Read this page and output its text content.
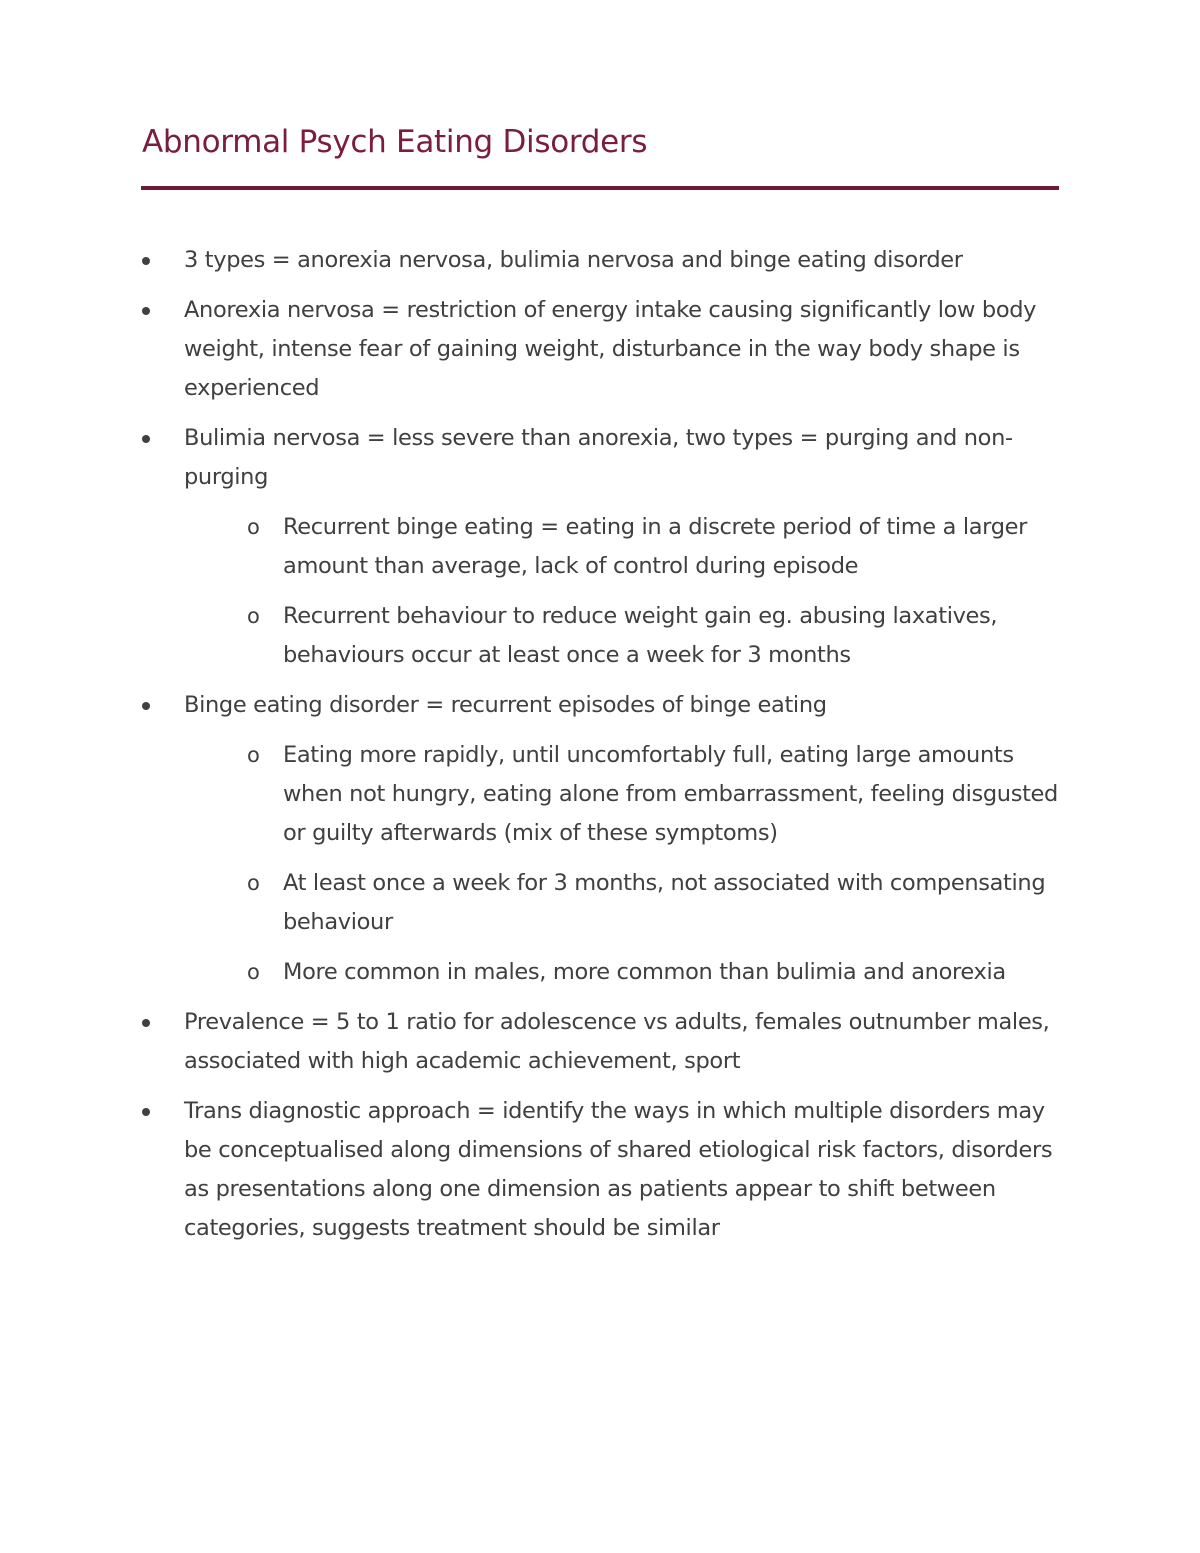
Abnormal Psych Eating Disorders
3 types = anorexia nervosa, bulimia nervosa and binge eating disorder
Anorexia nervosa = restriction of energy intake causing significantly low body weight, intense fear of gaining weight, disturbance in the way body shape is experienced
Bulimia nervosa = less severe than anorexia, two types = purging and non-purging
o Recurrent binge eating = eating in a discrete period of time a larger amount than average, lack of control during episode
o Recurrent behaviour to reduce weight gain eg. abusing laxatives, behaviours occur at least once a week for 3 months
Binge eating disorder = recurrent episodes of binge eating
o Eating more rapidly, until uncomfortably full, eating large amounts when not hungry, eating alone from embarrassment, feeling disgusted or guilty afterwards (mix of these symptoms)
o At least once a week for 3 months, not associated with compensating behaviour
o More common in males, more common than bulimia and anorexia
Prevalence = 5 to 1 ratio for adolescence vs adults, females outnumber males, associated with high academic achievement, sport
Trans diagnostic approach = identify the ways in which multiple disorders may be conceptualised along dimensions of shared etiological risk factors, disorders as presentations along one dimension as patients appear to shift between categories, suggests treatment should be similar
